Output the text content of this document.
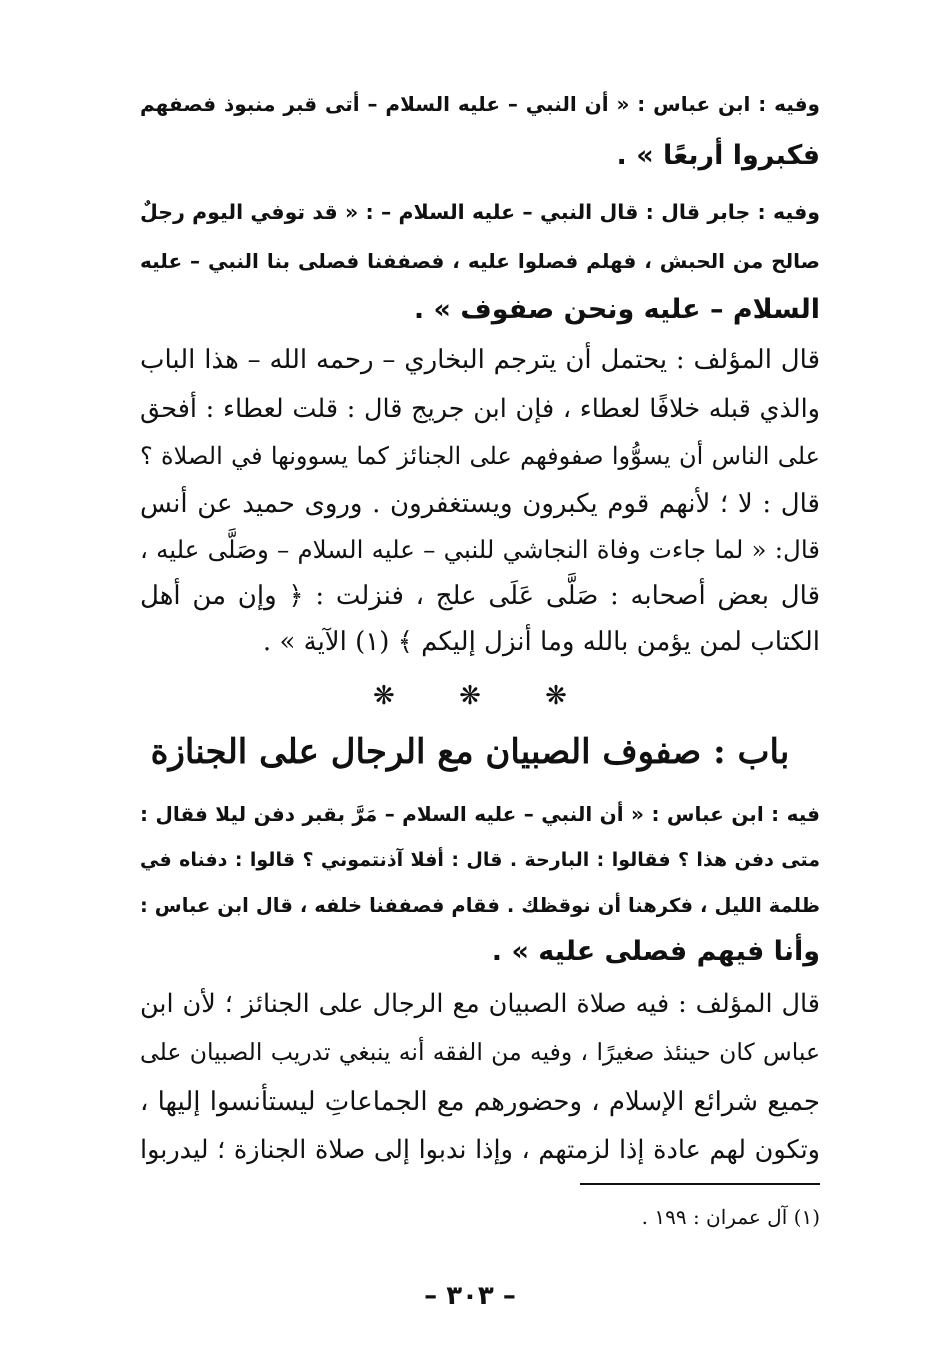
وفيه : ابن عباس : « أن النبي – عليه السلام – أتى قبر منبوذ فصفهم
فكبروا أربعًا » .
وفيه : جابر قال : قال النبي – عليه السلام – : « قد توفي اليوم رجلٌ
صالح من الحبش ، فهلم فصلوا عليه ، فصففنا فصلى بنا النبي – عليه
السلام – عليه ونحن صفوف » .
قال المؤلف : يحتمل أن يترجم البخاري – رحمه الله – هذا الباب
والذي قبله خلافًا لعطاء ، فإن ابن جريج قال : قلت لعطاء : أفحق
على الناس أن يسوُّوا صفوفهم على الجنائز كما يسوونها في الصلاة ؟
قال : لا ؛ لأنهم قوم يكبرون ويستغفرون . وروى حميد عن أنس
قال: « لما جاءت وفاة النجاشي للنبي – عليه السلام – وصَلَّى عليه ،
قال بعض أصحابه : صَلَّى عَلَى علج ، فنزلت : ﴿ وإن من أهل
الكتاب لمن يؤمن بالله وما أنزل إليكم ﴾ (١) الآية » .
❋ ❋ ❋
باب : صفوف الصبيان مع الرجال على الجنازة
فيه : ابن عباس : « أن النبي – عليه السلام – مَرَّ بقبر دفن ليلا فقال :
متى دفن هذا ؟ فقالوا : البارحة . قال : أفلا آذنتموني ؟ قالوا : دفناه في
ظلمة الليل ، فكرهنا أن نوقظك . فقام فصففنا خلفه ، قال ابن عباس :
وأنا فيهم فصلى عليه » .
قال المؤلف : فيه صلاة الصبيان مع الرجال على الجنائز ؛ لأن ابن
عباس كان حينئذ صغيرًا ، وفيه من الفقه أنه ينبغي تدريب الصبيان على
جميع شرائع الإسلام ، وحضورهم مع الجماعاتِ ليستأنسوا إليها ،
وتكون لهم عادة إذا لزمتهم ، وإذا ندبوا إلى صلاة الجنازة ؛ ليدربوا
(١) آل عمران : ١٩٩ .
– ٣٠٣ –
